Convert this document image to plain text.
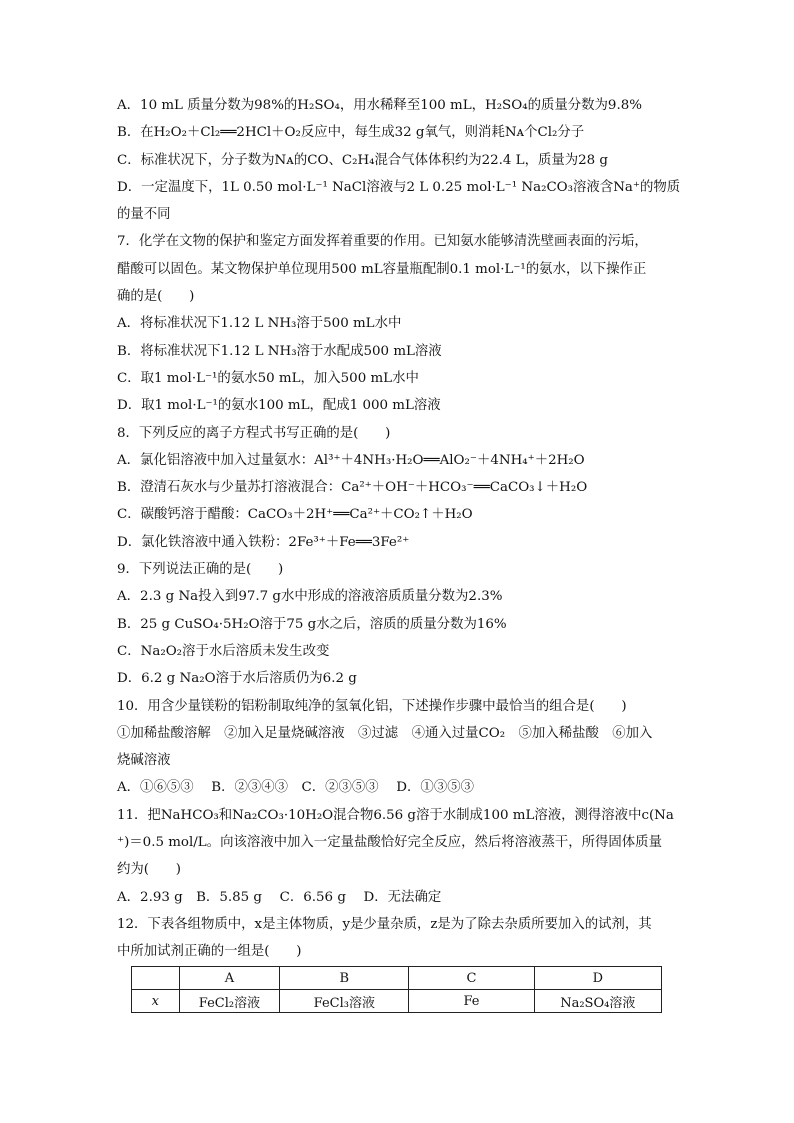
A．10 mL 质量分数为98%的H₂SO₄，用水稀释至100 mL，H₂SO₄的质量分数为9.8%
B．在H₂O₂＋Cl₂══2HCl＋O₂反应中，每生成32 g氧气，则消耗Nᴀ个Cl₂分子
C．标准状况下，分子数为Nᴀ的CO、C₂H₄混合气体体积约为22.4 L，质量为28 g
D．一定温度下，1L 0.50 mol·L⁻¹ NaCl溶液与2 L 0.25 mol·L⁻¹ Na₂CO₃溶液含Na⁺的物质
的量不同
7．化学在文物的保护和鉴定方面发挥着重要的作用。已知氨水能够清洗壁画表面的污垢，
醋酸可以固色。某文物保护单位现用500 mL容量瓶配制0.1 mol·L⁻¹的氨水，以下操作正
确的是(　　)
A．将标准状况下1.12 L NH₃溶于500 mL水中
B．将标准状况下1.12 L NH₃溶于水配成500 mL溶液
C．取1 mol·L⁻¹的氨水50 mL，加入500 mL水中
D．取1 mol·L⁻¹的氨水100 mL，配成1 000 mL溶液
8．下列反应的离子方程式书写正确的是(　　)
A．氯化铝溶液中加入过量氨水：Al³⁺＋4NH₃·H₂O══AlO₂⁻＋4NH₄⁺＋2H₂O
B．澄清石灰水与少量苏打溶液混合：Ca²⁺＋OH⁻＋HCO₃⁻══CaCO₃↓＋H₂O
C．碳酸钙溶于醋酸：CaCO₃＋2H⁺══Ca²⁺＋CO₂↑＋H₂O
D．氯化铁溶液中通入铁粉：2Fe³⁺＋Fe══3Fe²⁺
9．下列说法正确的是(　　)
A．2.3 g Na投入到97.7 g水中形成的溶液溶质质量分数为2.3%
B．25 g CuSO₄·5H₂O溶于75 g水之后，溶质的质量分数为16%
C．Na₂O₂溶于水后溶质未发生改变
D．6.2 g Na₂O溶于水后溶质仍为6.2 g
10．用含少量镁粉的铝粉制取纯净的氢氧化铝，下述操作步骤中最恰当的组合是(　　)
①加稀盐酸溶解　②加入足量烧碱溶液　③过滤　④通入过量CO₂　⑤加入稀盐酸　⑥加入
烧碱溶液
A．①⑥⑤③　 B．②③④③　C．②③⑤③　 D．①③⑤③
11．把NaHCO₃和Na₂CO₃·10H₂O混合物6.56 g溶于水制成100 mL溶液，测得溶液中c(Na
⁺)＝0.5 mol/L。向该溶液中加入一定量盐酸恰好完全反应，然后将溶液蒸干，所得固体质量
约为(　　)
A．2.93 g　B．5.85 g　 C．6.56 g　 D．无法确定
12．下表各组物质中，x是主体物质，y是少量杂质，z是为了除去杂质所要加入的试剂，其
中所加试剂正确的一组是(　　)
	A	B	C	D
x	FeCl₂溶液	FeCl₃溶液	Fe	Na₂SO₄溶液
